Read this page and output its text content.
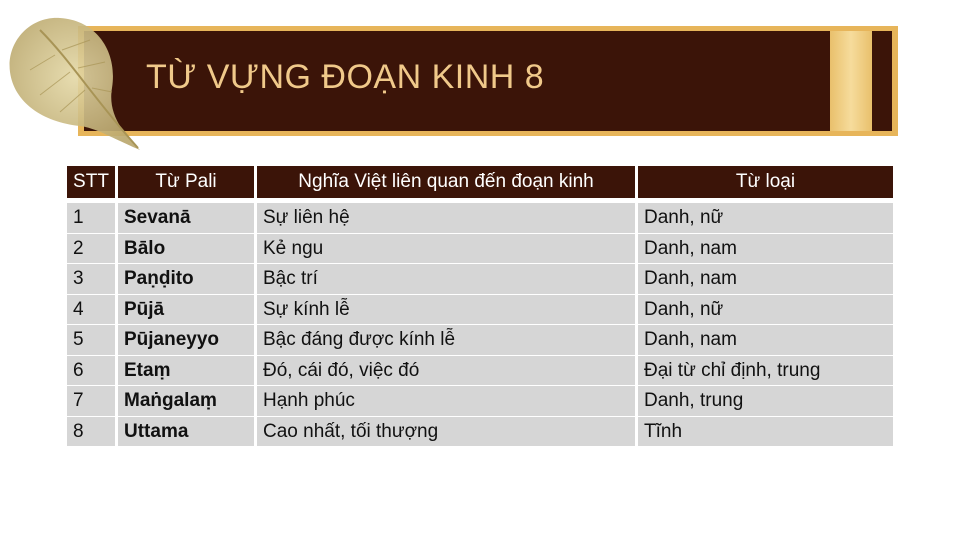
TỪ VỰNG ĐOẠN KINH 8
STT
1
2
3
4
5
6
7
8
Từ Pali
Sevanā
Bālo
Paṇḍito
Pūjā
Pūjaneyyo
Etaṃ
Maṅgalaṃ
Uttama
Nghĩa Việt liên quan đến đoạn kinh
Sự liên hệ
Kẻ ngu
Bậc trí
Sự kính lễ
Bậc đáng được kính lễ
Đó, cái đó, việc đó
Hạnh phúc
Cao nhất, tối thượng
Từ loại
Danh, nữ
Danh, nam
Danh, nam
Danh, nữ
Danh, nam
Đại từ chỉ định, trung
Danh, trung
Tĩnh
